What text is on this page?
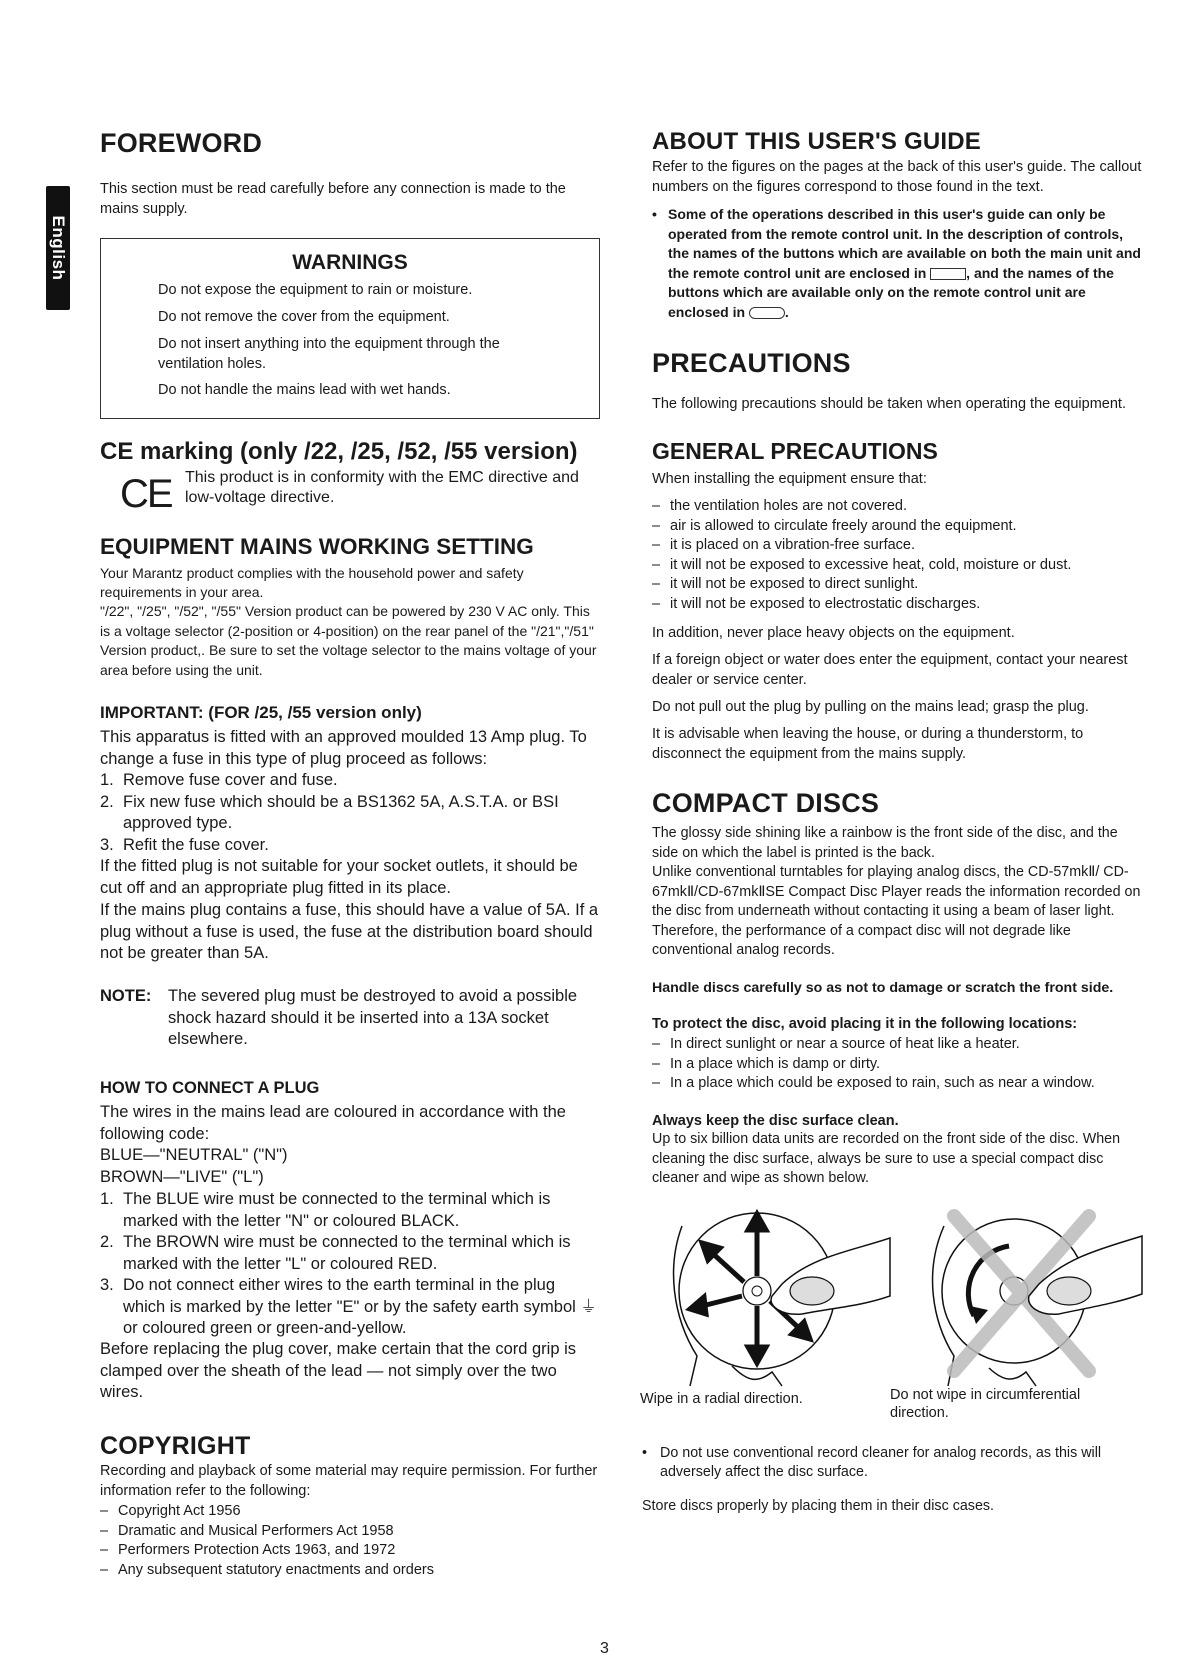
English
FOREWORD

This section must be read carefully before any connection is made to the mains supply.

WARNINGS

Do not expose the equipment to rain or moisture.

Do not remove the cover from the equipment.

Do not insert anything into the equipment through the ventilation holes.

Do not handle the mains lead with wet hands.

CE marking (only /22, /25, /52, /55 version)

This product is in conformity with the EMC directive and low-voltage directive.

EQUIPMENT MAINS WORKING SETTING

Your Marantz product complies with the household power and safety requirements in your area.

"/22", "/25", "/52", "/55" Version product can be powered by 230 V AC only. This is a voltage selector (2-position or 4-position) on the rear panel of the "/21","/51" Version product,. Be sure to set the voltage selector to the mains voltage of your area before using the unit.

IMPORTANT: (FOR /25, /55 version only)

This apparatus is fitted with an approved moulded 13 Amp plug. To change a fuse in this type of plug proceed as follows:

1. Remove fuse cover and fuse.
2. Fix new fuse which should be a BS1362 5A, A.S.T.A. or BSI approved type.
3. Refit the fuse cover.

If the fitted plug is not suitable for your socket outlets, it should be cut off and an appropriate plug fitted in its place.

If the mains plug contains a fuse, this should have a value of 5A. If a plug without a fuse is used, the fuse at the distribution board should not be greater than 5A.

NOTE: The severed plug must be destroyed to avoid a possible shock hazard should it be inserted into a 13A socket elsewhere.

HOW TO CONNECT A PLUG

The wires in the mains lead are coloured in accordance with the following code:

BLUE—"NEUTRAL" ("N")

BROWN—"LIVE" ("L")

1. The BLUE wire must be connected to the terminal which is marked with the letter "N" or coloured BLACK.
2. The BROWN wire must be connected to the terminal which is marked with the letter "L" or coloured RED.
3. Do not connect either wires to the earth terminal in the plug which is marked by the letter "E" or by the safety earth symbol ⏚ or coloured green or green-and-yellow.

Before replacing the plug cover, make certain that the cord grip is clamped over the sheath of the lead — not simply over the two wires.

COPYRIGHT

Recording and playback of some material may require permission. For further information refer to the following:

– Copyright Act 1956
– Dramatic and Musical Performers Act 1958
– Performers Protection Acts 1963, and 1972
– Any subsequent statutory enactments and orders
CE
ABOUT THIS USER'S GUIDE

Refer to the figures on the pages at the back of this user's guide. The callout numbers on the figures correspond to those found in the text.

• Some of the operations described in this user's guide can only be operated from the remote control unit. In the description of controls, the names of the buttons which are available on both the main unit and the remote control unit are enclosed in	, and the names of the buttons which are available only on the remote control unit are enclosed in	.
PRECAUTIONS

The following precautions should be taken when operating the equipment.

GENERAL PRECAUTIONS

When installing the equipment ensure that:

– the ventilation holes are not covered.
– air is allowed to circulate freely around the equipment.
– it is placed on a vibration-free surface.
– it will not be exposed to excessive heat, cold, moisture or dust.
– it will not be exposed to direct sunlight.
– it will not be exposed to electrostatic discharges.

In addition, never place heavy objects on the equipment.

If a foreign object or water does enter the equipment, contact your nearest dealer or service center.

Do not pull out the plug by pulling on the mains lead; grasp the plug.

It is advisable when leaving the house, or during a thunderstorm, to disconnect the equipment from the mains supply.

COMPACT DISCS

The glossy side shining like a rainbow is the front side of the disc, and the side on which the label is printed is the back.

Unlike conventional turntables for playing analog discs, the CD-57mkⅡ/ CD-67mkⅡ/CD-67mkⅡSE Compact Disc Player reads the information recorded on the disc from underneath without contacting it using a beam of laser light. Therefore, the performance of a compact disc will not degrade like conventional analog records.

Handle discs carefully so as not to damage or scratch the front side.

To protect the disc, avoid placing it in the following locations:

– In direct sunlight or near a source of heat like a heater.
– In a place which is damp or dirty.
– In a place which could be exposed to rain, such as near a window.

Always keep the disc surface clean.

Up to six billion data units are recorded on the front side of the disc. When cleaning the disc surface, always be sure to use a special compact disc cleaner and wipe as shown below.

Wipe in a radial direction.	Do not wipe in circumferential direction.

• Do not use conventional record cleaner for analog records, as this will adversely affect the disc surface.

Store discs properly by placing them in their disc cases.

3
